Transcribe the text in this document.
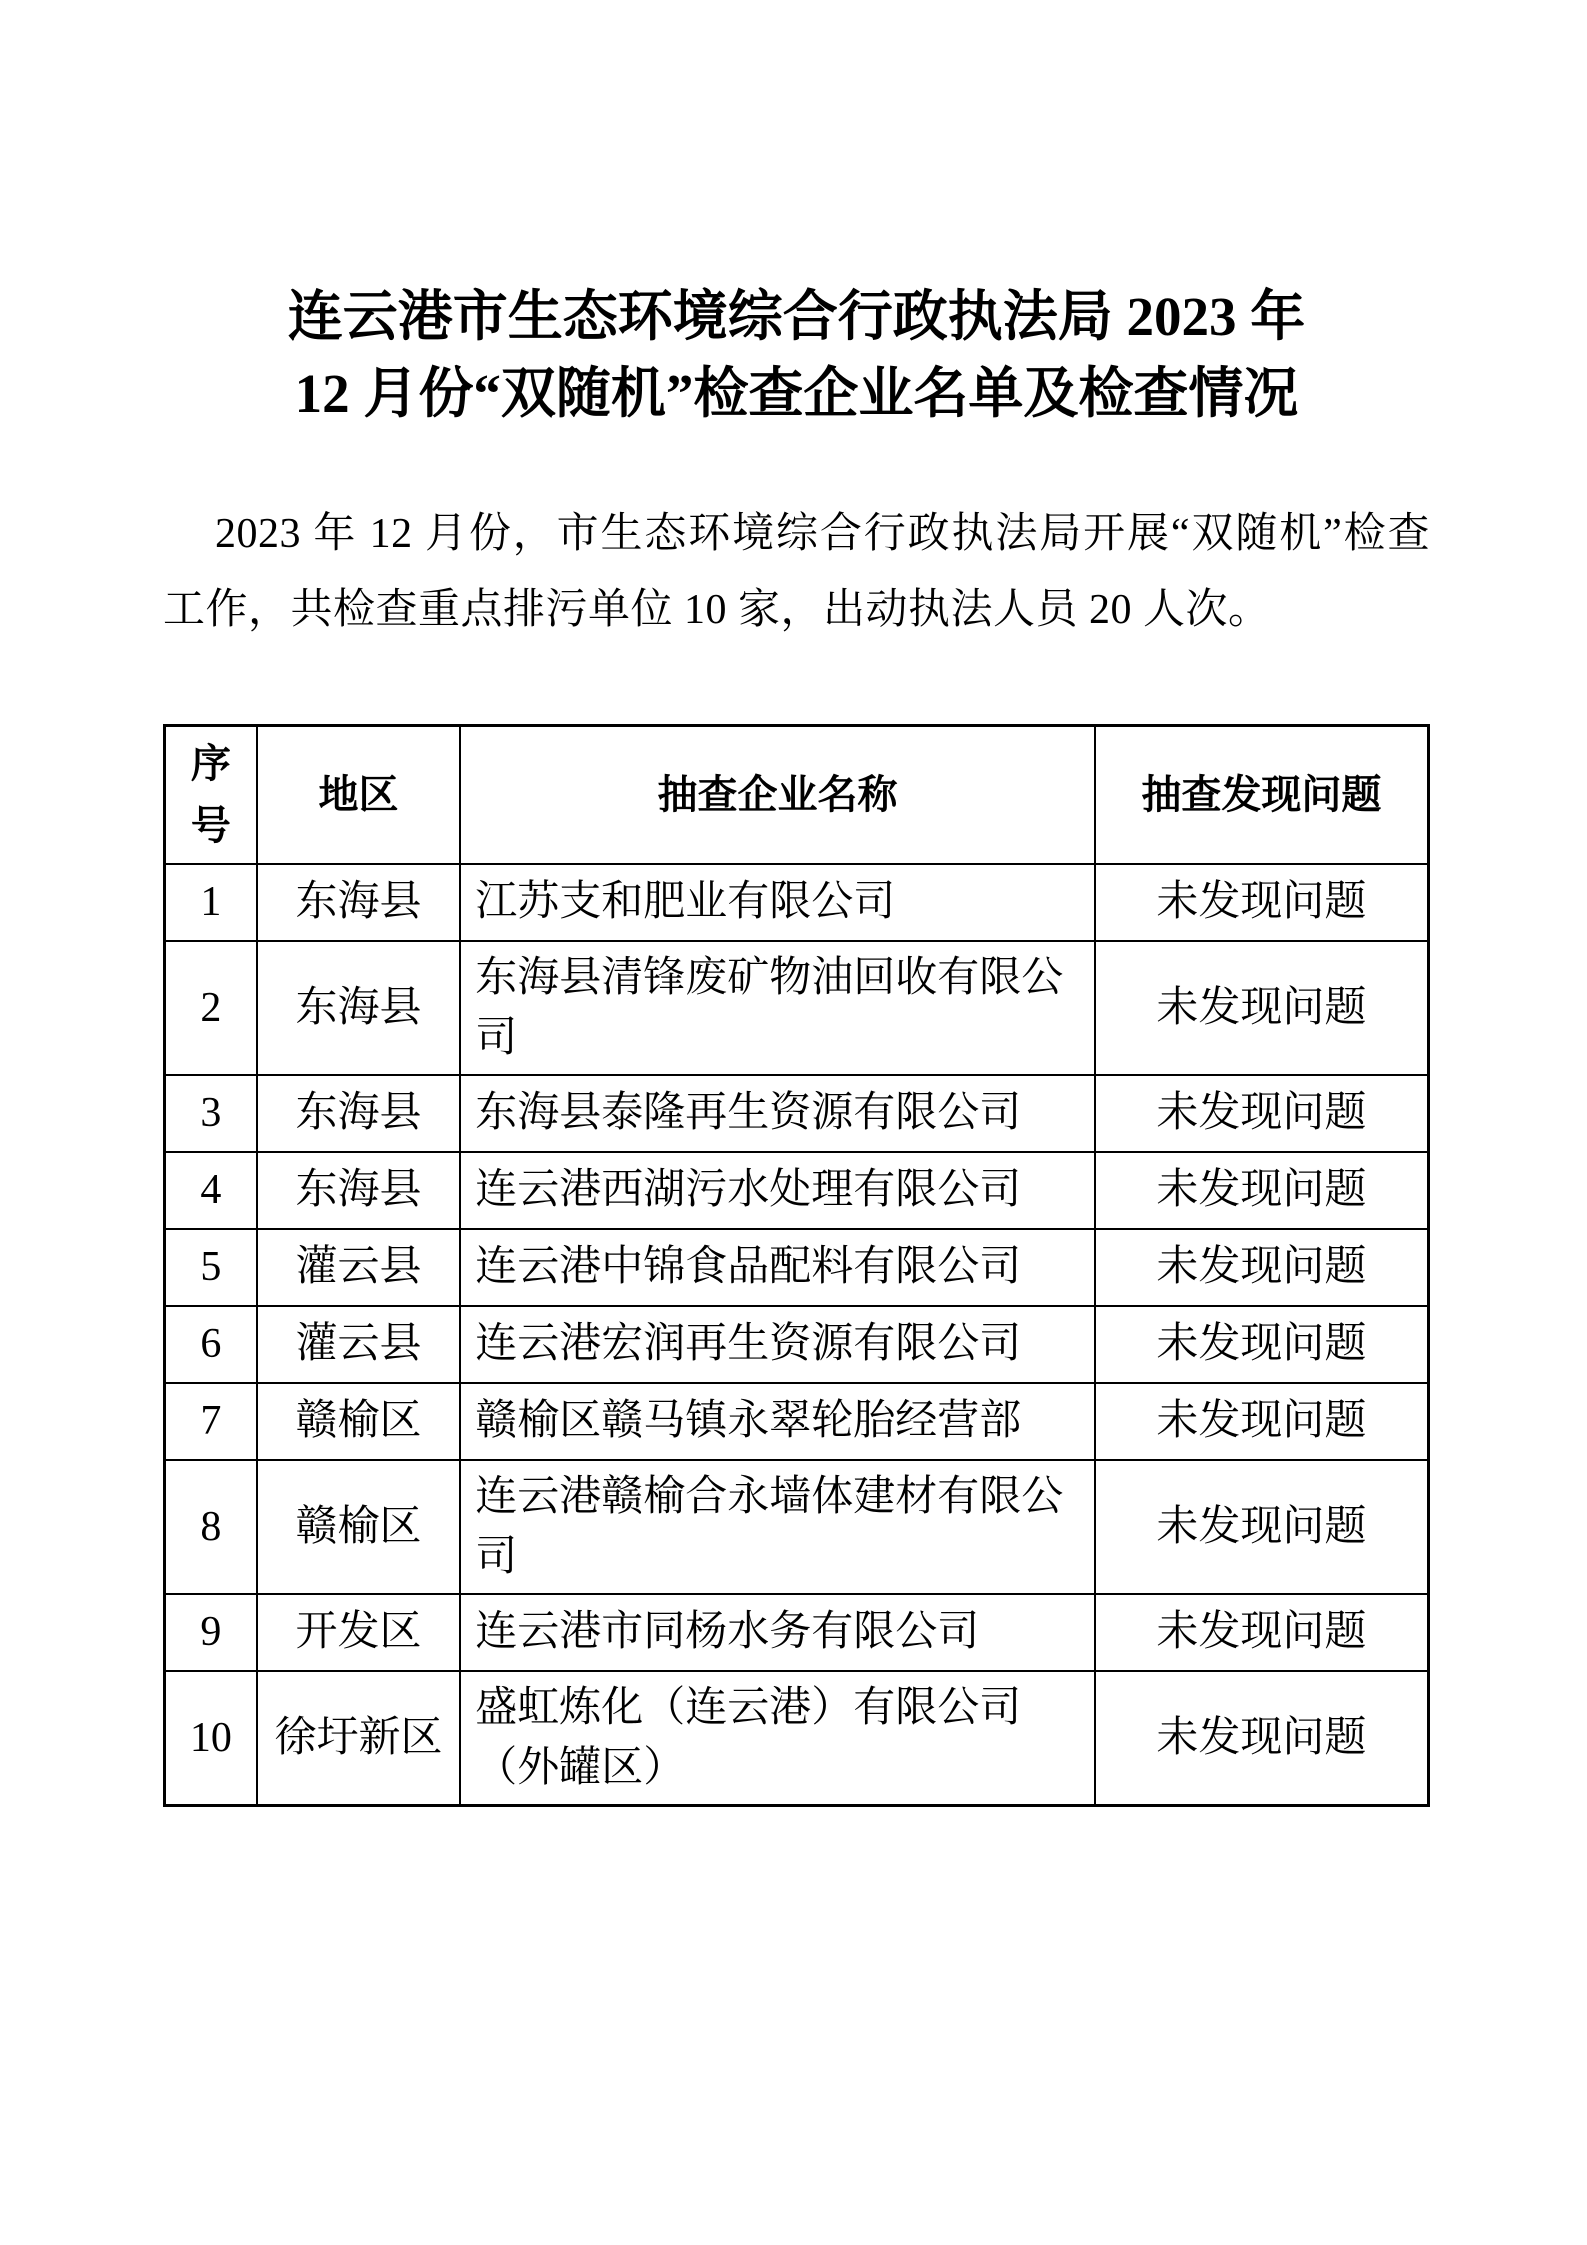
连云港市生态环境综合行政执法局 2023 年
12 月份“双随机”检查企业名单及检查情况

2023 年 12 月份，市生态环境综合行政执法局开展“双随机”检查工作，共检查重点排污单位 10 家，出动执法人员 20 人次。

序号	地区	抽查企业名称	抽查发现问题
1	东海县	江苏支和肥业有限公司	未发现问题
2	东海县	东海县清锋废矿物油回收有限公司	未发现问题
3	东海县	东海县泰隆再生资源有限公司	未发现问题
4	东海县	连云港西湖污水处理有限公司	未发现问题
5	灌云县	连云港中锦食品配料有限公司	未发现问题
6	灌云县	连云港宏润再生资源有限公司	未发现问题
7	赣榆区	赣榆区赣马镇永翠轮胎经营部	未发现问题
8	赣榆区	连云港赣榆合永墙体建材有限公司	未发现问题
9	开发区	连云港市同杨水务有限公司	未发现问题
10	徐圩新区	盛虹炼化（连云港）有限公司（外罐区）	未发现问题
